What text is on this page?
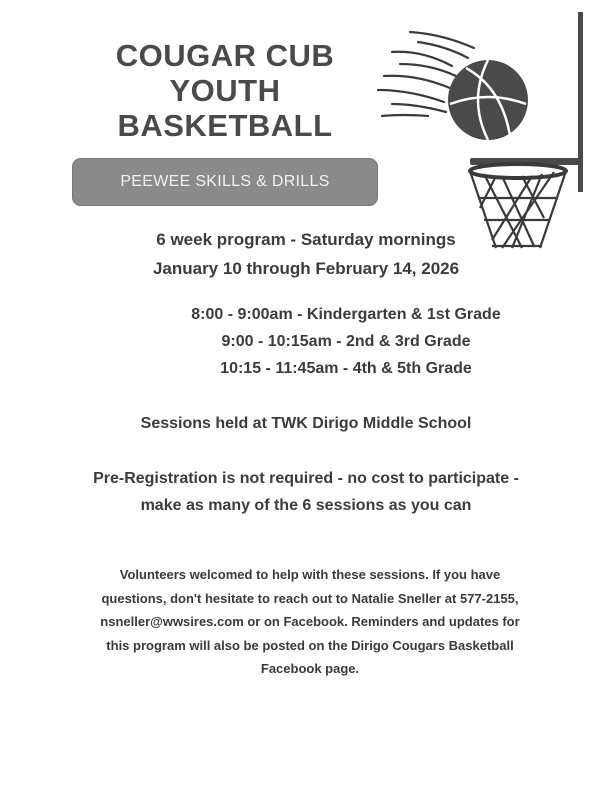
COUGAR CUB
YOUTH
BASKETBALL
PEEWEE SKILLS & DRILLS
6 week program - Saturday mornings
January 10 through February 14, 2026
8:00 - 9:00am - Kindergarten & 1st Grade
9:00 - 10:15am - 2nd & 3rd Grade
10:15 - 11:45am - 4th & 5th Grade
Sessions held at TWK Dirigo Middle School
Pre-Registration is not required - no cost to participate -
make as many of the 6 sessions as you can
Volunteers welcomed to help with these sessions. If you have
questions, don't hesitate to reach out to Natalie Sneller at 577-2155,
nsneller@wwsires.com or on Facebook. Reminders and updates for
this program will also be posted on the Dirigo Cougars Basketball
Facebook page.
